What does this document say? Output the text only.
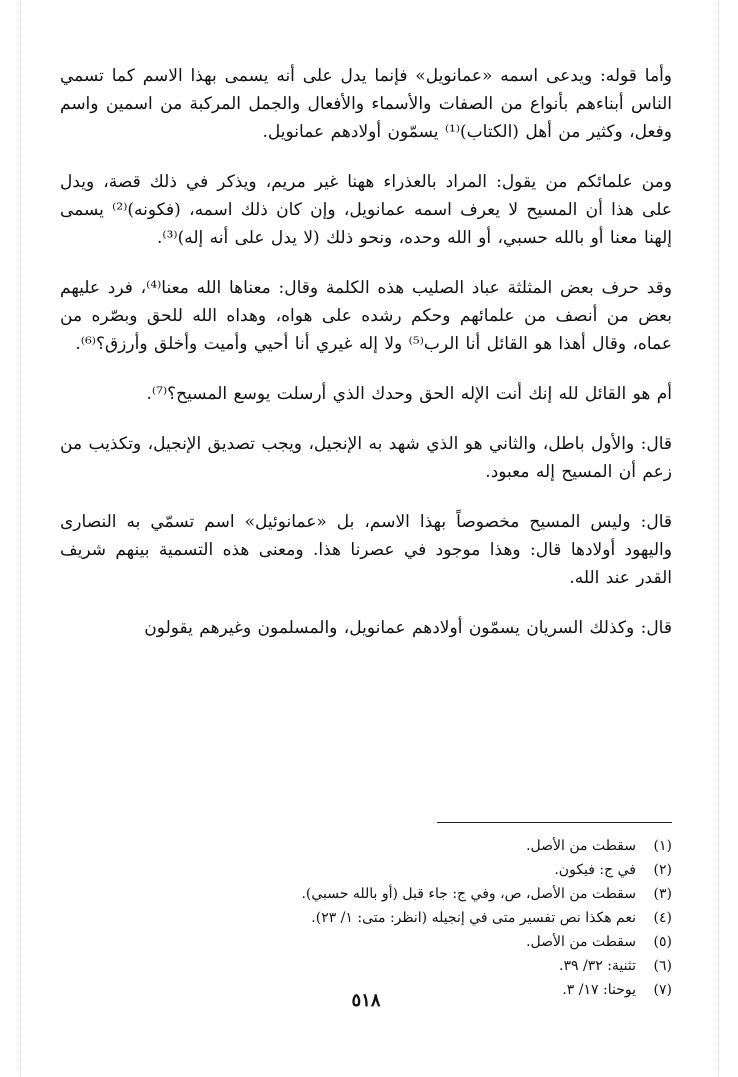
وأما قوله: ويدعى اسمه «عمانويل» فإنما يدل على أنه يسمى بهذا الاسم كما تسمي الناس أبناءهم بأنواع من الصفات والأسماء والأفعال والجمل المركبة من اسمين واسم وفعل، وكثير من أهل (الكتاب)⁽¹⁾ يسمّون أولادهم عمانويل.

ومن علمائكم من يقول: المراد بالعذراء ههنا غير مريم، ويذكر في ذلك قصة، ويدل على هذا أن المسيح لا يعرف اسمه عمانويل، وإن كان ذلك اسمه، (فكونه)⁽²⁾ يسمى إلهنا معنا أو بالله حسبي، أو الله وحده، ونحو ذلك (لا يدل على أنه إله)⁽³⁾.

وقد حرف بعض المثلثة عباد الصليب هذه الكلمة وقال: معناها الله معنا⁽⁴⁾، فرد عليهم بعض من أنصف من علمائهم وحكم رشده على هواه، وهداه الله للحق وبصّره من عماه، وقال أهذا هو القائل أنا الرب⁽⁵⁾ ولا إله غيري أنا أحيي وأميت وأخلق وأرزق؟⁽⁶⁾.

أم هو القائل لله إنك أنت الإله الحق وحدك الذي أرسلت يوسع المسيح؟⁽⁷⁾.

قال: والأول باطل، والثاني هو الذي شهد به الإنجيل، ويجب تصديق الإنجيل، وتكذيب من زعم أن المسيح إله معبود.

قال: وليس المسيح مخصوصاً بهذا الاسم، بل «عمانوئيل» اسم تسمّي به النصارى واليهود أولادها قال: وهذا موجود في عصرنا هذا. ومعنى هذه التسمية بينهم شريف القدر عند الله.

قال: وكذلك السريان يسمّون أولادهم عمانويل، والمسلمون وغيرهم يقولون

(١)
سقطت من الأصل.
(٢)
في ج: فيكون.
(٣)
سقطت من الأصل، ص، وفي ج: جاء قبل (أو بالله حسبي).
(٤)
نعم هكذا نص تفسير متى في إنجيله (انظر: متى: ١/ ٢٣).
(٥)
سقطت من الأصل.
(٦)
تثنية: ٣٢/ ٣٩.
(٧)
يوحنا: ١٧/ ٣.
٥١٨
